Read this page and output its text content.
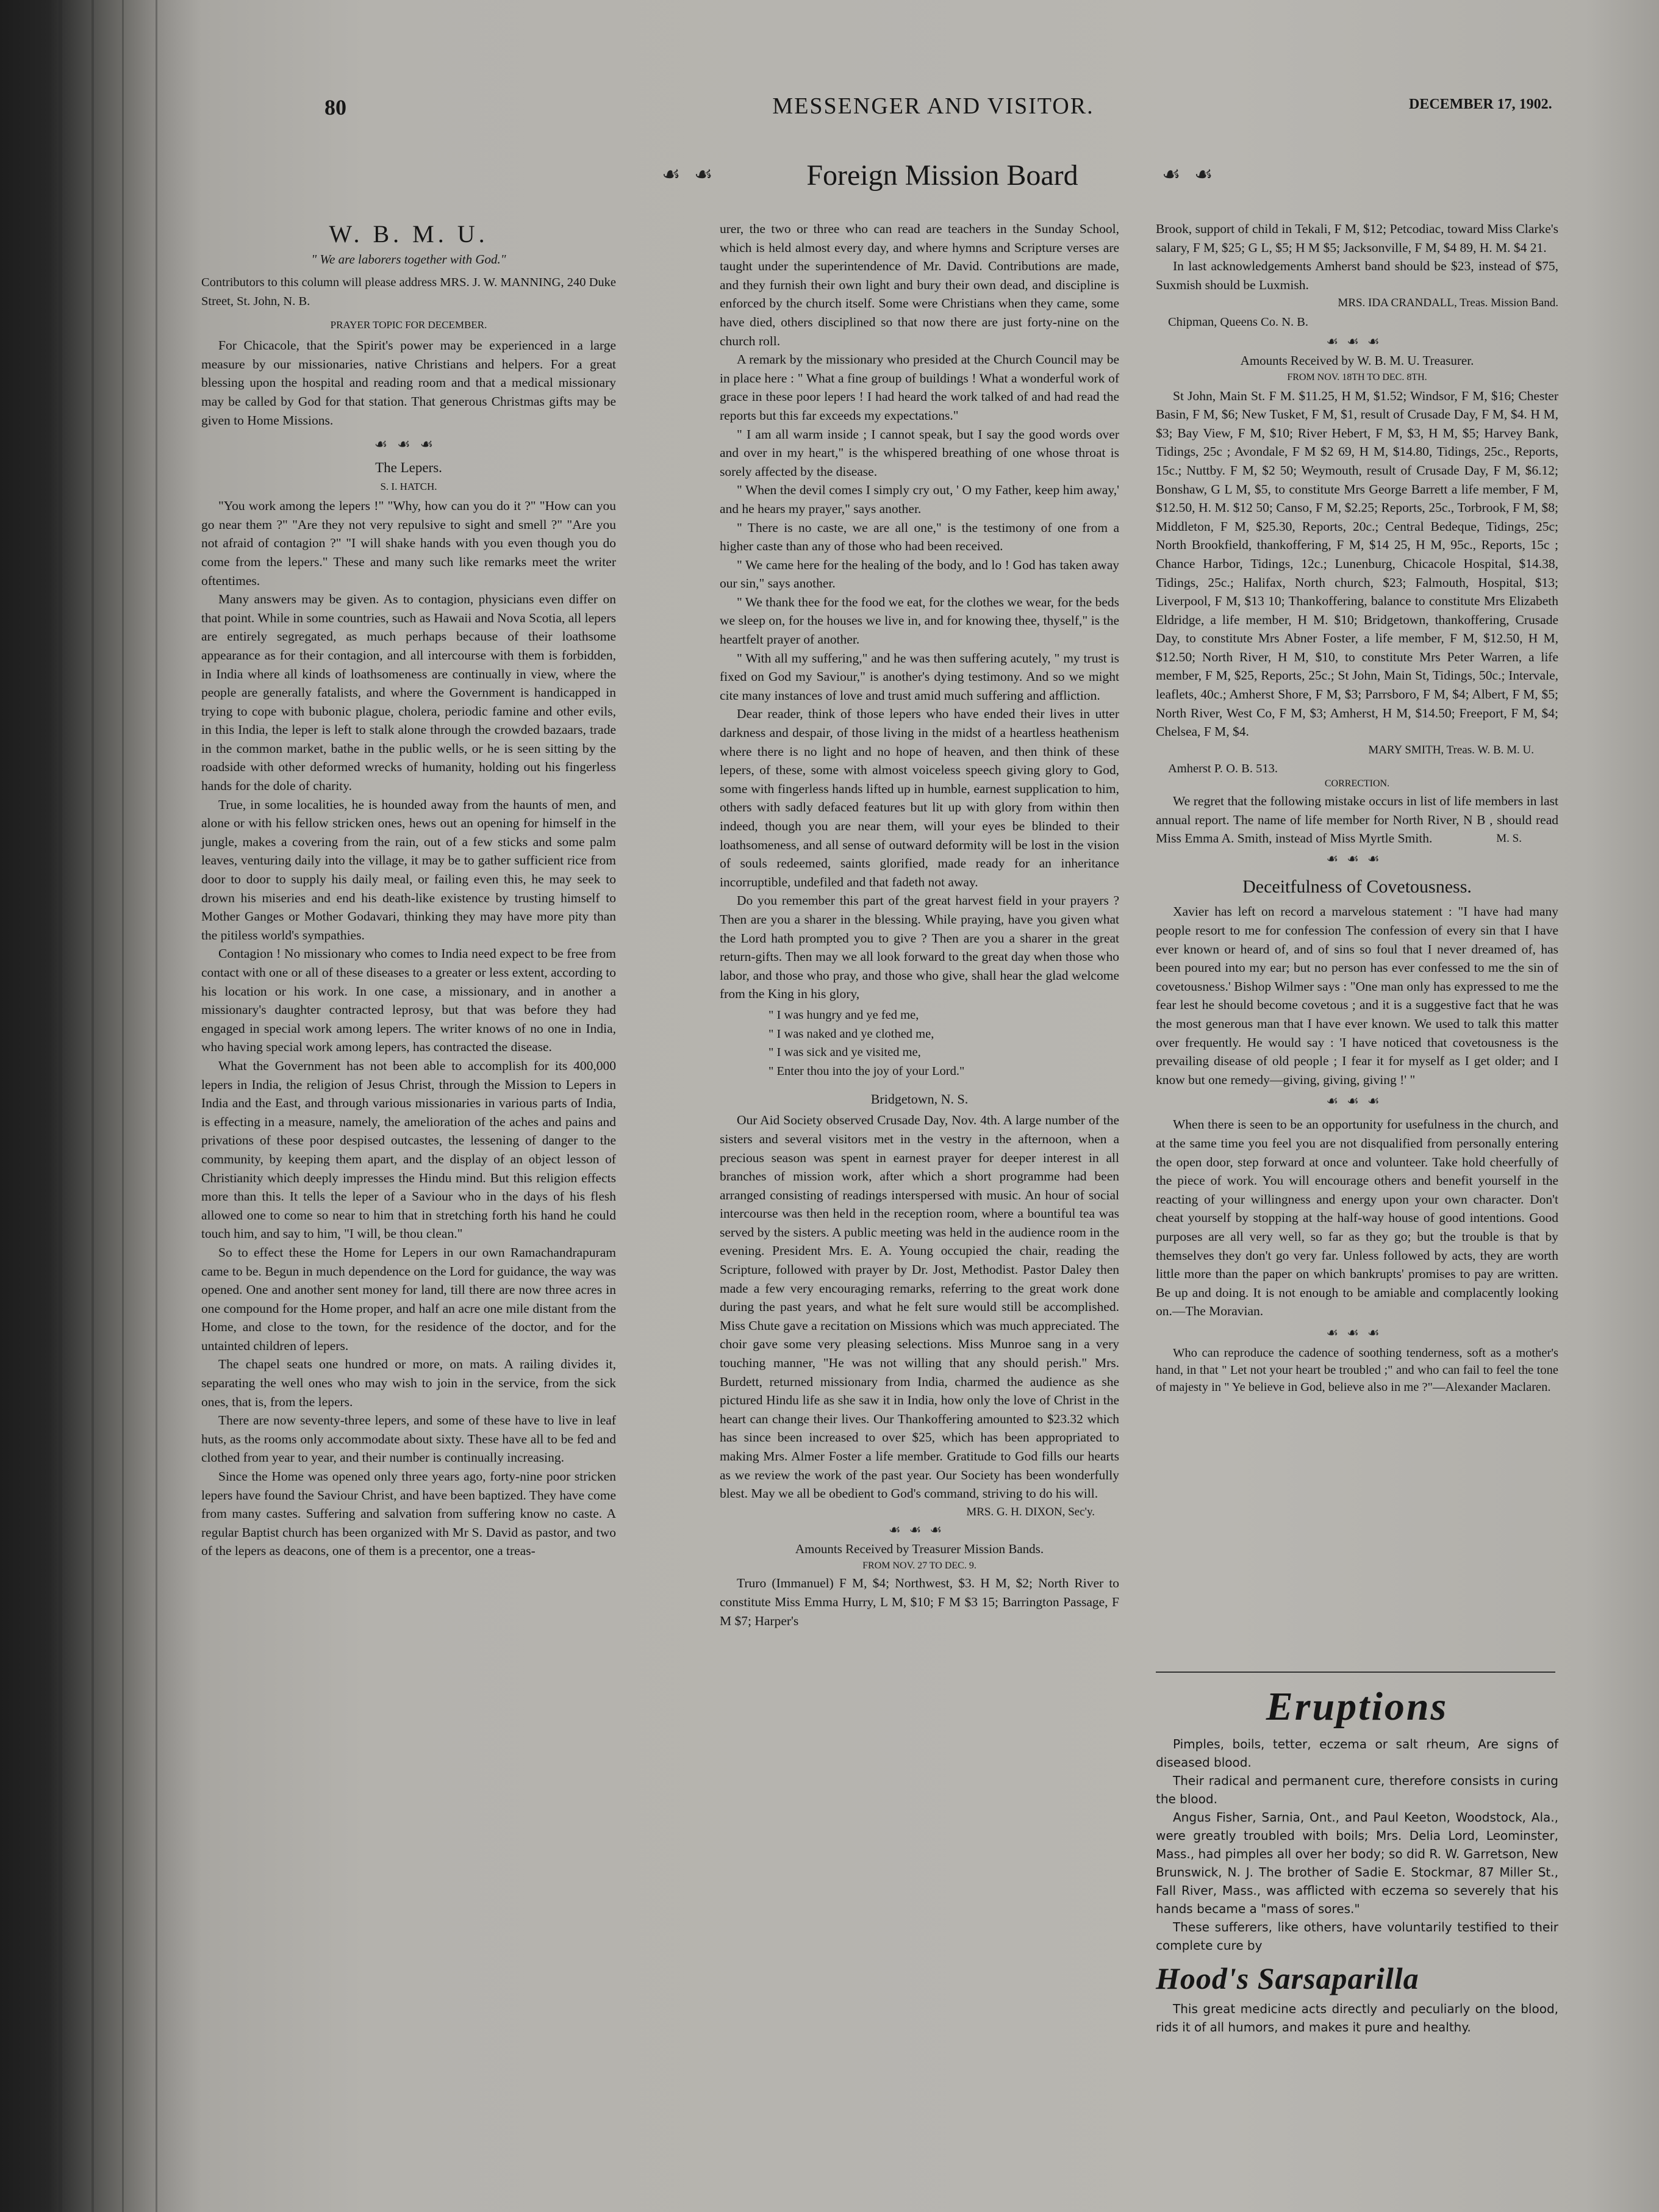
80	MESSENGER AND VISITOR.	DECEMBER 17, 1902.
☙ ☙	Foreign Mission Board	☙ ☙
W. B. M. U.
" We are laborers together with God."
Contributors to this column will please address MRS. J. W. MANNING, 240 Duke Street, St. John, N. B.
PRAYER TOPIC FOR DECEMBER.

For Chicacole, that the Spirit's power may be experienced in a large measure by our missionaries, native Christians and helpers. For a great blessing upon the hospital and reading room and that a medical missionary may be called by God for that station. That generous Christmas gifts may be given to Home Missions.

☙☙☙
The Lepers.
S. I. HATCH.

"You work among the lepers !" "Why, how can you do it ?" "How can you go near them ?" "Are they not very repulsive to sight and smell ?" "Are you not afraid of contagion ?" "I will shake hands with you even though you do come from the lepers." These and many such like remarks meet the writer oftentimes.

Many answers may be given. As to contagion, physicians even differ on that point. While in some countries, such as Hawaii and Nova Scotia, all lepers are entirely segregated, as much perhaps because of their loathsome appearance as for their contagion, and all intercourse with them is forbidden, in India where all kinds of loathsomeness are continually in view, where the people are generally fatalists, and where the Government is handicapped in trying to cope with bubonic plague, cholera, periodic famine and other evils, in this India, the leper is left to stalk alone through the crowded bazaars, trade in the common market, bathe in the public wells, or he is seen sitting by the roadside with other deformed wrecks of humanity, holding out his fingerless hands for the dole of charity.

True, in some localities, he is hounded away from the haunts of men, and alone or with his fellow stricken ones, hews out an opening for himself in the jungle, makes a covering from the rain, out of a few sticks and some palm leaves, venturing daily into the village, it may be to gather sufficient rice from door to door to supply his daily meal, or failing even this, he may seek to drown his miseries and end his death-like existence by trusting himself to Mother Ganges or Mother Godavari, thinking they may have more pity than the pitiless world's sympathies.

Contagion ! No missionary who comes to India need expect to be free from contact with one or all of these diseases to a greater or less extent, according to his location or his work. In one case, a missionary, and in another a missionary's daughter contracted leprosy, but that was before they had engaged in special work among lepers. The writer knows of no one in India, who having special work among lepers, has contracted the disease.

What the Government has not been able to accomplish for its 400,000 lepers in India, the religion of Jesus Christ, through the Mission to Lepers in India and the East, and through various missionaries in various parts of India, is effecting in a measure, namely, the amelioration of the aches and pains and privations of these poor despised outcastes, the lessening of danger to the community, by keeping them apart, and the display of an object lesson of Christianity which deeply impresses the Hindu mind. But this religion effects more than this. It tells the leper of a Saviour who in the days of his flesh allowed one to come so near to him that in stretching forth his hand he could touch him, and say to him, "I will, be thou clean."

So to effect these the Home for Lepers in our own Ramachandrapuram came to be. Begun in much dependence on the Lord for guidance, the way was opened. One and another sent money for land, till there are now three acres in one compound for the Home proper, and half an acre one mile distant from the Home, and close to the town, for the residence of the doctor, and for the untainted children of lepers.

The chapel seats one hundred or more, on mats. A railing divides it, separating the well ones who may wish to join in the service, from the sick ones, that is, from the lepers.

There are now seventy-three lepers, and some of these have to live in leaf huts, as the rooms only accommodate about sixty. These have all to be fed and clothed from year to year, and their number is continually increasing.

Since the Home was opened only three years ago, forty-nine poor stricken lepers have found the Saviour Christ, and have been baptized. They have come from many castes. Suffering and salvation from suffering know no caste. A regular Baptist church has been organized with Mr S. David as pastor, and two of the lepers as deacons, one of them is a precentor, one a treas-

urer, the two or three who can read are teachers in the Sunday School, which is held almost every day, and where hymns and Scripture verses are taught under the superintendence of Mr. David. Contributions are made, and they furnish their own light and bury their own dead, and discipline is enforced by the church itself. Some were Christians when they came, some have died, others disciplined so that now there are just forty-nine on the church roll.

A remark by the missionary who presided at the Church Council may be in place here : " What a fine group of buildings ! What a wonderful work of grace in these poor lepers ! I had heard the work talked of and had read the reports but this far exceeds my expectations."

" I am all warm inside ; I cannot speak, but I say the good words over and over in my heart," is the whispered breathing of one whose throat is sorely affected by the disease.

" When the devil comes I simply cry out, ' O my Father, keep him away,' and he hears my prayer," says another.

" There is no caste, we are all one," is the testimony of one from a higher caste than any of those who had been received.

" We came here for the healing of the body, and lo ! God has taken away our sin," says another.

" We thank thee for the food we eat, for the clothes we wear, for the beds we sleep on, for the houses we live in, and for knowing thee, thyself," is the heartfelt prayer of another.

" With all my suffering," and he was then suffering acutely, " my trust is fixed on God my Saviour," is another's dying testimony. And so we might cite many instances of love and trust amid much suffering and affliction.

Dear reader, think of those lepers who have ended their lives in utter darkness and despair, of those living in the midst of a heartless heathenism where there is no light and no hope of heaven, and then think of these lepers, of these, some with almost voiceless speech giving glory to God, some with fingerless hands lifted up in humble, earnest supplication to him, others with sadly defaced features but lit up with glory from within then indeed, though you are near them, will your eyes be blinded to their loathsomeness, and all sense of outward deformity will be lost in the vision of souls redeemed, saints glorified, made ready for an inheritance incorruptible, undefiled and that fadeth not away.

Do you remember this part of the great harvest field in your prayers ? Then are you a sharer in the blessing. While praying, have you given what the Lord hath prompted you to give ? Then are you a sharer in the great return-gifts. Then may we all look forward to the great day when those who labor, and those who pray, and those who give, shall hear the glad welcome from the King in his glory,

" I was hungry and ye fed me,
" I was naked and ye clothed me,
" I was sick and ye visited me,
" Enter thou into the joy of your Lord."
Bridgetown, N. S.

Our Aid Society observed Crusade Day, Nov. 4th. A large number of the sisters and several visitors met in the vestry in the afternoon, when a precious season was spent in earnest prayer for deeper interest in all branches of mission work, after which a short programme had been arranged consisting of readings interspersed with music. An hour of social intercourse was then held in the reception room, where a bountiful tea was served by the sisters. A public meeting was held in the audience room in the evening. President Mrs. E. A. Young occupied the chair, reading the Scripture, followed with prayer by Dr. Jost, Methodist. Pastor Daley then made a few very encouraging remarks, referring to the great work done during the past years, and what he felt sure would still be accomplished. Miss Chute gave a recitation on Missions which was much appreciated. The choir gave some very pleasing selections. Miss Munroe sang in a very touching manner, "He was not willing that any should perish." Mrs. Burdett, returned missionary from India, charmed the audience as she pictured Hindu life as she saw it in India, how only the love of Christ in the heart can change their lives. Our Thankoffering amounted to $23.32 which has since been increased to over $25, which has been appropriated to making Mrs. Almer Foster a life member. Gratitude to God fills our hearts as we review the work of the past year. Our Society has been wonderfully blest. May we all be obedient to God's command, striving to do his will.

MRS. G. H. DIXON, Sec'y.
☙☙☙
Amounts Received by Treasurer Mission Bands.
FROM NOV. 27 TO DEC. 9.

Truro (Immanuel) F M, $4; Northwest, $3. H M, $2; North River to constitute Miss Emma Hurry, L M, $10; F M $3 15; Barrington Passage, F M $7; Harper's

Brook, support of child in Tekali, F M, $12; Petcodiac, toward Miss Clarke's salary, F M, $25; G L, $5; H M $5; Jacksonville, F M, $4 89, H. M. $4 21.

In last acknowledgements Amherst band should be $23, instead of $75, Suxmish should be Luxmish.

MRS. IDA CRANDALL, Treas. Mission Band.
Chipman, Queens Co. N. B.
☙☙☙
Amounts Received by W. B. M. U. Treasurer.
FROM NOV. 18TH TO DEC. 8TH.

St John, Main St. F M. $11.25, H M, $1.52; Windsor, F M, $16; Chester Basin, F M, $6; New Tusket, F M, $1, result of Crusade Day, F M, $4. H M, $3; Bay View, F M, $10; River Hebert, F M, $3, H M, $5; Harvey Bank, Tidings, 25c ; Avondale, F M $2 69, H M, $14.80, Tidings, 25c., Reports, 15c.; Nuttby. F M, $2 50; Weymouth, result of Crusade Day, F M, $6.12; Bonshaw, G L M, $5, to constitute Mrs George Barrett a life member, F M, $12.50, H. M. $12 50; Canso, F M, $2.25; Reports, 25c., Torbrook, F M, $8; Middleton, F M, $25.30, Reports, 20c.; Central Bedeque, Tidings, 25c; North Brookfield, thankoffering, F M, $14 25, H M, 95c., Reports, 15c ; Chance Harbor, Tidings, 12c.; Lunenburg, Chicacole Hospital, $14.38, Tidings, 25c.; Halifax, North church, $23; Falmouth, Hospital, $13; Liverpool, F M, $13 10; Thankoffering, balance to constitute Mrs Elizabeth Eldridge, a life member, H M. $10; Bridgetown, thankoffering, Crusade Day, to constitute Mrs Abner Foster, a life member, F M, $12.50, H M, $12.50; North River, H M, $10, to constitute Mrs Peter Warren, a life member, F M, $25, Reports, 25c.; St John, Main St, Tidings, 50c.; Intervale, leaflets, 40c.; Amherst Shore, F M, $3; Parrsboro, F M, $4; Albert, F M, $5; North River, West Co, F M, $3; Amherst, H M, $14.50; Freeport, F M, $4; Chelsea, F M, $4.

MARY SMITH, Treas. W. B. M. U.
Amherst P. O. B. 513.
CORRECTION.

We regret that the following mistake occurs in list of life members in last annual report. The name of life member for North River, N B , should read Miss Emma A. Smith, instead of Miss Myrtle Smith.	M. S.
☙☙☙
Deceitfulness of Covetousness.

Xavier has left on record a marvelous statement : "I have had many people resort to me for confession The confession of every sin that I have ever known or heard of, and of sins so foul that I never dreamed of, has been poured into my ear; but no person has ever confessed to me the sin of covetousness.' Bishop Wilmer says : "One man only has expressed to me the fear lest he should become covetous ; and it is a suggestive fact that he was the most generous man that I have ever known. We used to talk this matter over frequently. He would say : 'I have noticed that covetousness is the prevailing disease of old people ; I fear it for myself as I get older; and I know but one remedy—giving, giving, giving !' "

☙☙☙

When there is seen to be an opportunity for usefulness in the church, and at the same time you feel you are not disqualified from personally entering the open door, step forward at once and volunteer. Take hold cheerfully of the piece of work. You will encourage others and benefit yourself in the reacting of your willingness and energy upon your own character. Don't cheat yourself by stopping at the half-way house of good intentions. Good purposes are all very well, so far as they go; but the trouble is that by themselves they don't go very far. Unless followed by acts, they are worth little more than the paper on which bankrupts' promises to pay are written. Be up and doing. It is not enough to be amiable and complacently looking on.—The Moravian.

☙☙☙

Who can reproduce the cadence of soothing tenderness, soft as a mother's hand, in that " Let not your heart be troubled ;" and who can fail to feel the tone of majesty in " Ye believe in God, believe also in me ?"—Alexander Maclaren.

Eruptions

Pimples, boils, tetter, eczema or salt rheum, Are signs of diseased blood.

Their radical and permanent cure, therefore consists in curing the blood.

Angus Fisher, Sarnia, Ont., and Paul Keeton, Woodstock, Ala., were greatly troubled with boils; Mrs. Delia Lord, Leominster, Mass., had pimples all over her body; so did R. W. Garretson, New Brunswick, N. J. The brother of Sadie E. Stockmar, 87 Miller St., Fall River, Mass., was afflicted with eczema so severely that his hands became a "mass of sores."

These sufferers, like others, have voluntarily testified to their complete cure by

Hood's Sarsaparilla

This great medicine acts directly and peculiarly on the blood, rids it of all humors, and makes it pure and healthy.
